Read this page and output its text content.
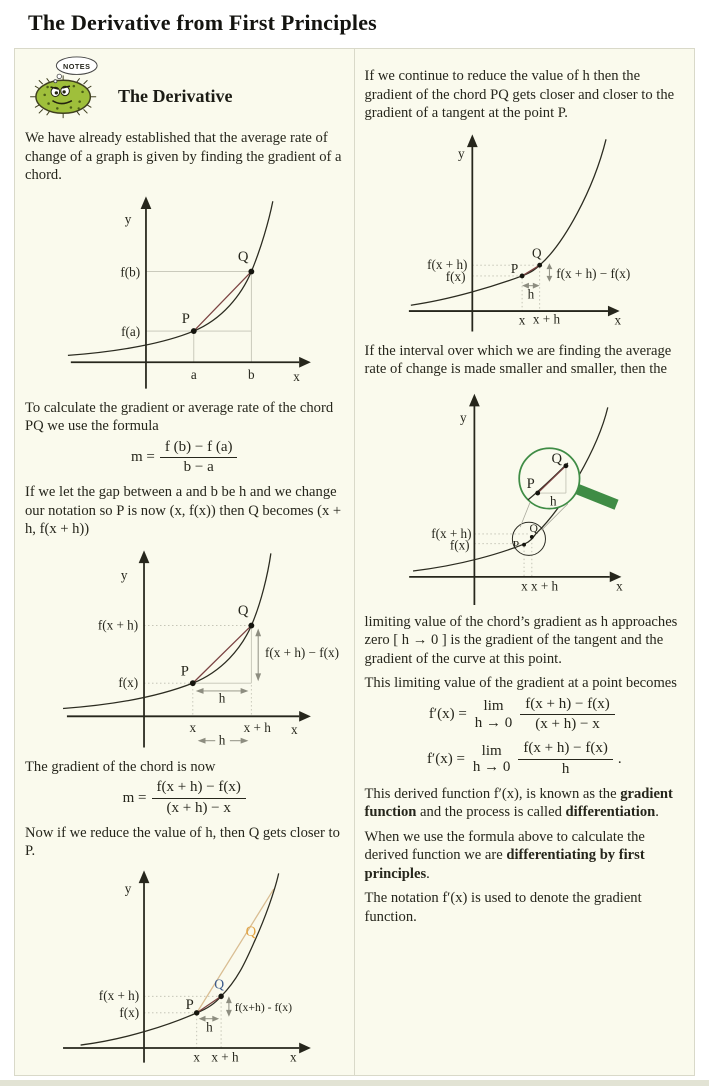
The Derivative from First Principles
NOTES
The Derivative

We have already established that the average rate of change of a graph is given by finding the gradient of a chord.

y
x
f(b)
f(a)
a	b
P
Q

To calculate the gradient or average rate of the chord PQ we use the formula

$m = \frac{f (b) - f (a)}{b - a}$

If we let the gap between a and b be h and we change our notation so P is now (x, f(x)) then Q becomes (x + h, f(x + h))

y
x
f(x + h)
f(x)
f(x + h) − f(x)
h
h
x	x + h
P
Q

The gradient of the chord is now

$m = \frac{f(x + h) - f(x)}{(x + h) - x}$

Now if we reduce the value of h, then Q gets closer to P.

y
x
f(x + h)
f(x)
Q
Q
P
h
f(x+h) - f(x)
x x + h

If we continue to reduce the value of h then the gradient of the chord PQ gets closer and closer to the gradient of a tangent at the point P.

y
x
f(x + h)
f(x)
Q
P	f(x + h) − f(x)
h
x x + h

If the interval over which we are finding the average rate of change is made smaller and smaller, then the

P
Q
Q
P
h
y
x
f(x + h)
f(x)
x x + h

limiting value of the chord’s gradient as h approaches zero [ h → 0 ] is the gradient of the tangent and the gradient of the curve at this point.

This limiting value of the gradient at a point becomes

f′(x) = lim
$h \to 0 \frac{f(x + h) - f(x)}{(x + h) - x}$
f′(x) = lim
$h \to 0 \frac{f(x + h) - f(x)}{h}$ .

This derived function f′(x), is known as the gradient function and the process is called differentiation.

When we use the formula above to calculate the derived function we are differentiating by first principles.

The notation f′(x) is used to denote the gradient function.
